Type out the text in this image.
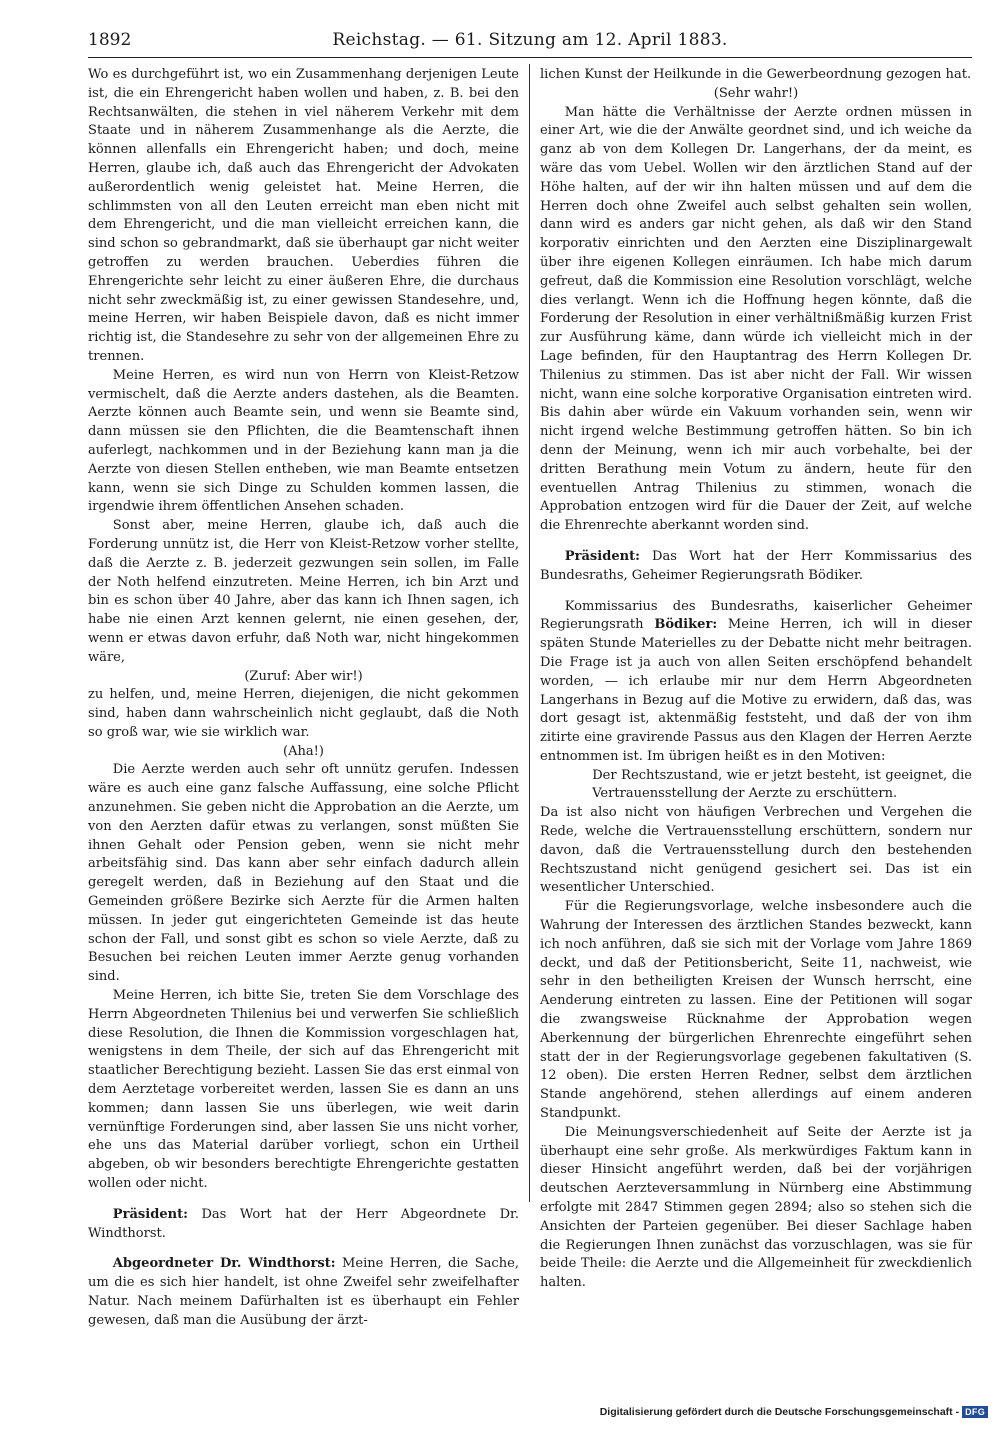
1892	Reichstag. — 61. Sitzung am 12. April 1883.

Wo es durchgeführt ist, wo ein Zusammenhang derjenigen Leute ist, die ein Ehrengericht haben wollen und haben, z. B. bei den Rechtsanwälten, die stehen in viel näherem Verkehr mit dem Staate und in näherem Zusammenhange als die Aerzte, die können allenfalls ein Ehrengericht haben; und doch, meine Herren, glaube ich, daß auch das Ehrengericht der Advokaten außerordentlich wenig geleistet hat. Meine Herren, die schlimmsten von all den Leuten erreicht man eben nicht mit dem Ehrengericht, und die man vielleicht erreichen kann, die sind schon so gebrandmarkt, daß sie überhaupt gar nicht weiter getroffen zu werden brauchen. Ueberdies führen die Ehrengerichte sehr leicht zu einer äußeren Ehre, die durchaus nicht sehr zweckmäßig ist, zu einer gewissen Standesehre, und, meine Herren, wir haben Beispiele davon, daß es nicht immer richtig ist, die Standesehre zu sehr von der allgemeinen Ehre zu trennen.

Meine Herren, es wird nun von Herrn von Kleist-Retzow vermischelt, daß die Aerzte anders dastehen, als die Beamten. Aerzte können auch Beamte sein, und wenn sie Beamte sind, dann müssen sie den Pflichten, die die Beamtenschaft ihnen auferlegt, nachkommen und in der Beziehung kann man ja die Aerzte von diesen Stellen entheben, wie man Beamte entsetzen kann, wenn sie sich Dinge zu Schulden kommen lassen, die irgendwie ihrem öffentlichen Ansehen schaden.

Sonst aber, meine Herren, glaube ich, daß auch die Forderung unnütz ist, die Herr von Kleist-Retzow vorher stellte, daß die Aerzte z. B. jederzeit gezwungen sein sollen, im Falle der Noth helfend einzutreten. Meine Herren, ich bin Arzt und bin es schon über 40 Jahre, aber das kann ich Ihnen sagen, ich habe nie einen Arzt kennen gelernt, nie einen gesehen, der, wenn er etwas davon erfuhr, daß Noth war, nicht hingekommen wäre,

(Zuruf: Aber wir!)

zu helfen, und, meine Herren, diejenigen, die nicht gekommen sind, haben dann wahrscheinlich nicht geglaubt, daß die Noth so groß war, wie sie wirklich war.

(Aha!)

Die Aerzte werden auch sehr oft unnütz gerufen. Indessen wäre es auch eine ganz falsche Auffassung, eine solche Pflicht anzunehmen. Sie geben nicht die Approbation an die Aerzte, um von den Aerzten dafür etwas zu verlangen, sonst müßten Sie ihnen Gehalt oder Pension geben, wenn sie nicht mehr arbeitsfähig sind. Das kann aber sehr einfach dadurch allein geregelt werden, daß in Beziehung auf den Staat und die Gemeinden größere Bezirke sich Aerzte für die Armen halten müssen. In jeder gut eingerichteten Gemeinde ist das heute schon der Fall, und sonst gibt es schon so viele Aerzte, daß zu Besuchen bei reichen Leuten immer Aerzte genug vorhanden sind.

Meine Herren, ich bitte Sie, treten Sie dem Vorschlage des Herrn Abgeordneten Thilenius bei und verwerfen Sie schließlich diese Resolution, die Ihnen die Kommission vorgeschlagen hat, wenigstens in dem Theile, der sich auf das Ehrengericht mit staatlicher Berechtigung bezieht. Lassen Sie das erst einmal von dem Aerztetage vorbereitet werden, lassen Sie es dann an uns kommen; dann lassen Sie uns überlegen, wie weit darin vernünftige Forderungen sind, aber lassen Sie uns nicht vorher, ehe uns das Material darüber vorliegt, schon ein Urtheil abgeben, ob wir besonders berechtigte Ehrengerichte gestatten wollen oder nicht.

Präsident: Das Wort hat der Herr Abgeordnete Dr. Windthorst.

Abgeordneter Dr. Windthorst: Meine Herren, die Sache, um die es sich hier handelt, ist ohne Zweifel sehr zweifelhafter Natur. Nach meinem Dafürhalten ist es überhaupt ein Fehler gewesen, daß man die Ausübung der ärzt-

lichen Kunst der Heilkunde in die Gewerbeordnung gezogen hat.

(Sehr wahr!)

Man hätte die Verhältnisse der Aerzte ordnen müssen in einer Art, wie die der Anwälte geordnet sind, und ich weiche da ganz ab von dem Kollegen Dr. Langerhans, der da meint, es wäre das vom Uebel. Wollen wir den ärztlichen Stand auf der Höhe halten, auf der wir ihn halten müssen und auf dem die Herren doch ohne Zweifel auch selbst gehalten sein wollen, dann wird es anders gar nicht gehen, als daß wir den Stand korporativ einrichten und den Aerzten eine Disziplinargewalt über ihre eigenen Kollegen einräumen. Ich habe mich darum gefreut, daß die Kommission eine Resolution vorschlägt, welche dies verlangt. Wenn ich die Hoffnung hegen könnte, daß die Forderung der Resolution in einer verhältnißmäßig kurzen Frist zur Ausführung käme, dann würde ich vielleicht mich in der Lage befinden, für den Hauptantrag des Herrn Kollegen Dr. Thilenius zu stimmen. Das ist aber nicht der Fall. Wir wissen nicht, wann eine solche korporative Organisation eintreten wird. Bis dahin aber würde ein Vakuum vorhanden sein, wenn wir nicht irgend welche Bestimmung getroffen hätten. So bin ich denn der Meinung, wenn ich mir auch vorbehalte, bei der dritten Berathung mein Votum zu ändern, heute für den eventuellen Antrag Thilenius zu stimmen, wonach die Approbation entzogen wird für die Dauer der Zeit, auf welche die Ehrenrechte aberkannt worden sind.

Präsident: Das Wort hat der Herr Kommissarius des Bundesraths, Geheimer Regierungsrath Bödiker.

Kommissarius des Bundesraths, kaiserlicher Geheimer Regierungsrath Bödiker: Meine Herren, ich will in dieser späten Stunde Materielles zu der Debatte nicht mehr beitragen. Die Frage ist ja auch von allen Seiten erschöpfend behandelt worden, — ich erlaube mir nur dem Herrn Abgeordneten Langerhans in Bezug auf die Motive zu erwidern, daß das, was dort gesagt ist, aktenmäßig feststeht, und daß der von ihm zitirte eine gravirende Passus aus den Klagen der Herren Aerzte entnommen ist. Im übrigen heißt es in den Motiven:

Der Rechtszustand, wie er jetzt besteht, ist geeignet, die Vertrauensstellung der Aerzte zu erschüttern.

Da ist also nicht von häufigen Verbrechen und Vergehen die Rede, welche die Vertrauensstellung erschüttern, sondern nur davon, daß die Vertrauensstellung durch den bestehenden Rechtszustand nicht genügend gesichert sei. Das ist ein wesentlicher Unterschied.

Für die Regierungsvorlage, welche insbesondere auch die Wahrung der Interessen des ärztlichen Standes bezweckt, kann ich noch anführen, daß sie sich mit der Vorlage vom Jahre 1869 deckt, und daß der Petitionsbericht, Seite 11, nachweist, wie sehr in den betheiligten Kreisen der Wunsch herrscht, eine Aenderung eintreten zu lassen. Eine der Petitionen will sogar die zwangsweise Rücknahme der Approbation wegen Aberkennung der bürgerlichen Ehrenrechte eingeführt sehen statt der in der Regierungsvorlage gegebenen fakultativen (S. 12 oben). Die ersten Herren Redner, selbst dem ärztlichen Stande angehörend, stehen allerdings auf einem anderen Standpunkt.

Die Meinungsverschiedenheit auf Seite der Aerzte ist ja überhaupt eine sehr große. Als merkwürdiges Faktum kann in dieser Hinsicht angeführt werden, daß bei der vorjährigen deutschen Aerzteversammlung in Nürnberg eine Abstimmung erfolgte mit 2847 Stimmen gegen 2894; also so stehen sich die Ansichten der Parteien gegenüber. Bei dieser Sachlage haben die Regierungen Ihnen zunächst das vorzuschlagen, was sie für beide Theile: die Aerzte und die Allgemeinheit für zweckdienlich halten.

Digitalisierung gefördert durch die Deutsche Forschungsgemeinschaft - DFG
